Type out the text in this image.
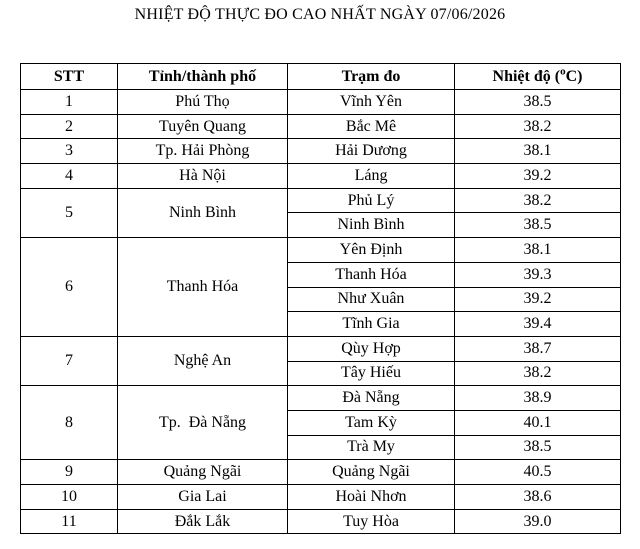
NHIỆT ĐỘ THỰC ĐO CAO NHẤT NGÀY 07/06/2026
STT	Tỉnh/thành phố	Trạm đo	Nhiệt độ ($^o$C)
1	Phú Thọ	Vĩnh Yên	38.5
2	Tuyên Quang	Bắc Mê	38.2
3	Tp. Hải Phòng	Hải Dương	38.1
4	Hà Nội	Láng	39.2
5	Ninh Bình	Phủ Lý	38.2
		Ninh Bình	38.5
6	Thanh Hóa	Yên Định	38.1
		Thanh Hóa	39.3
		Như Xuân	39.2
		Tĩnh Gia	39.4
7	Nghệ An	Qùy Hợp	38.7
		Tây Hiếu	38.2
8	Tp.  Đà Nẵng	Đà Nẵng	38.9
		Tam Kỳ	40.1
		Trà My	38.5
9	Quảng Ngãi	Quảng Ngãi	40.5
10	Gia Lai	Hoài Nhơn	38.6
11	Đắk Lắk	Tuy Hòa	39.0
